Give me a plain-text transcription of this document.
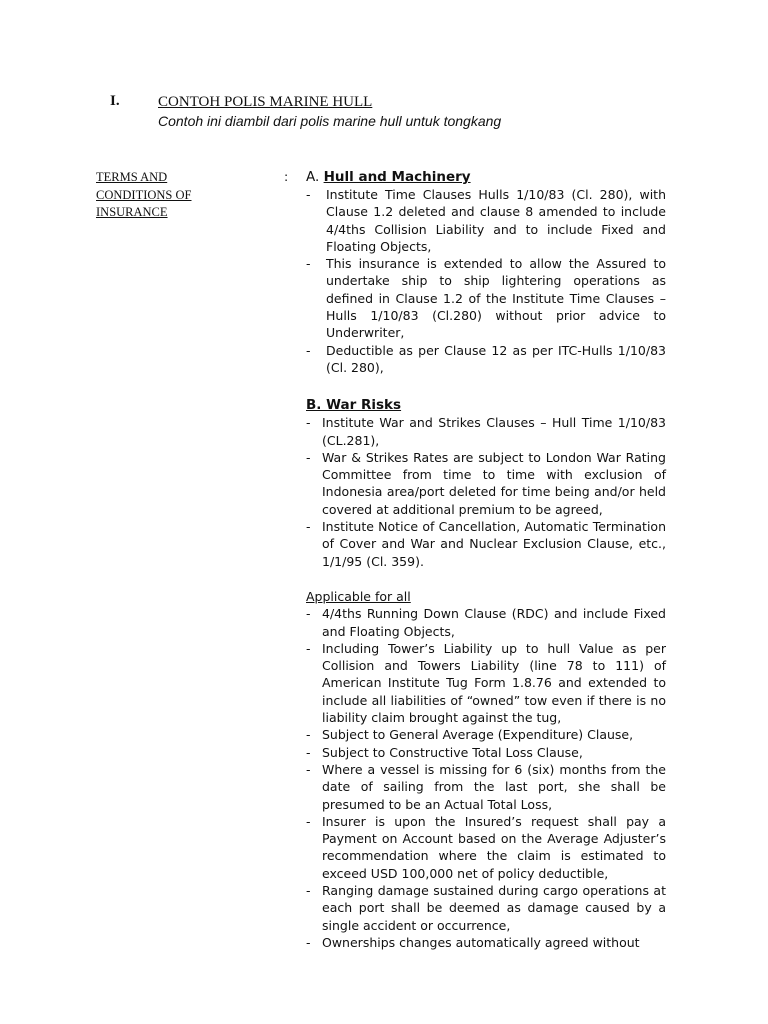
I.	CONTOH POLIS MARINE HULL
Contoh ini diambil dari polis marine hull untuk tongkang
TERMS AND
CONDITIONS OF
INSURANCE
: A. Hull and Machinery
- Institute Time Clauses Hulls 1/10/83 (Cl. 280), with Clause 1.2 deleted and clause 8 amended to include 4/4ths Collision Liability and to include Fixed and Floating Objects,
- This insurance is extended to allow the Assured to undertake ship to ship lightering operations as defined in Clause 1.2 of the Institute Time Clauses – Hulls 1/10/83 (Cl.280) without prior advice to Underwriter,
- Deductible as per Clause 12 as per ITC-Hulls 1/10/83 (Cl. 280),
B. War Risks
- Institute War and Strikes Clauses – Hull Time 1/10/83 (CL.281),
- War & Strikes Rates are subject to London War Rating Committee from time to time with exclusion of Indonesia area/port deleted for time being and/or held covered at additional premium to be agreed,
- Institute Notice of Cancellation, Automatic Termination of Cover and War and Nuclear Exclusion Clause, etc., 1/1/95 (Cl. 359).
Applicable for all
- 4/4ths Running Down Clause (RDC) and include Fixed and Floating Objects,
- Including Tower’s Liability up to hull Value as per Collision and Towers Liability (line 78 to 111) of American Institute Tug Form 1.8.76 and extended to include all liabilities of “owned” tow even if there is no liability claim brought against the tug,
- Subject to General Average (Expenditure) Clause,
- Subject to Constructive Total Loss Clause,
- Where a vessel is missing for 6 (six) months from the date of sailing from the last port, she shall be presumed to be an Actual Total Loss,
- Insurer is upon the Insured’s request shall pay a Payment on Account based on the Average Adjuster’s recommendation where the claim is estimated to exceed USD 100,000 net of policy deductible,
- Ranging damage sustained during cargo operations at each port shall be deemed as damage caused by a single accident or occurrence,
- Ownerships changes automatically agreed without
